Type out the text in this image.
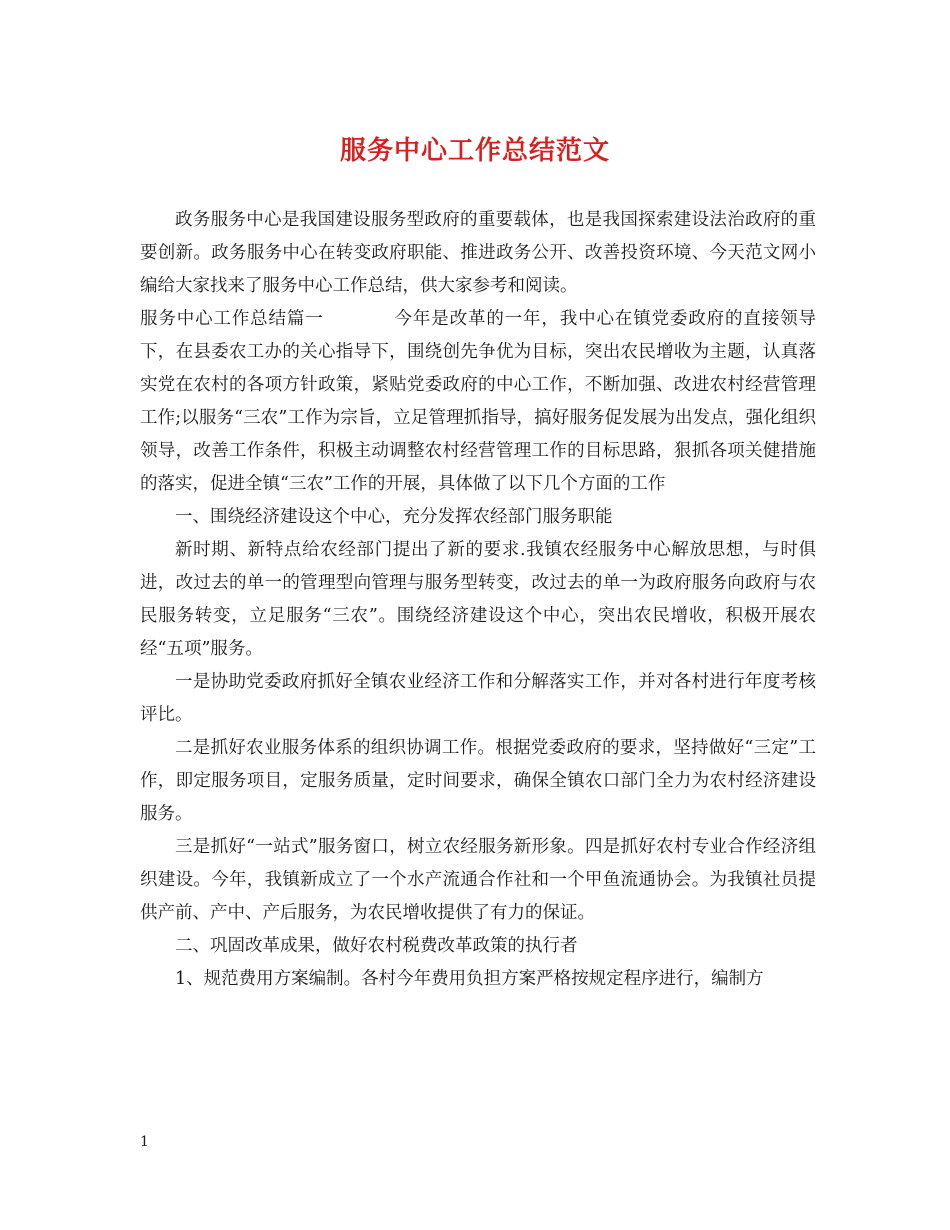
服务中心工作总结范文

政务服务中心是我国建设服务型政府的重要载体，也是我国探索建设法治政府的重要创新。政务服务中心在转变政府职能、推进政务公开、改善投资环境、今天范文网小编给大家找来了服务中心工作总结，供大家参考和阅读。

服务中心工作总结篇一	今年是改革的一年，我中心在镇党委政府的直接领导下，在县委农工办的关心指导下，围绕创先争优为目标，突出农民增收为主题，认真落实党在农村的各项方针政策，紧贴党委政府的中心工作，不断加强、改进农村经营管理工作;以服务“三农”工作为宗旨，立足管理抓指导，搞好服务促发展为出发点，强化组织领导，改善工作条件，积极主动调整农村经营管理工作的目标思路，狠抓各项关健措施的落实，促进全镇“三农”工作的开展，具体做了以下几个方面的工作

一、围绕经济建设这个中心，充分发挥农经部门服务职能

新时期、新特点给农经部门提出了新的要求.我镇农经服务中心解放思想，与时俱进，改过去的单一的管理型向管理与服务型转变，改过去的单一为政府服务向政府与农民服务转变，立足服务“三农”。围绕经济建设这个中心，突出农民增收，积极开展农经“五项”服务。

一是协助党委政府抓好全镇农业经济工作和分解落实工作，并对各村进行年度考核评比。

二是抓好农业服务体系的组织协调工作。根据党委政府的要求，坚持做好“三定”工作，即定服务项目，定服务质量，定时间要求，确保全镇农口部门全力为农村经济建设服务。

三是抓好“一站式”服务窗口，树立农经服务新形象。四是抓好农村专业合作经济组织建设。今年，我镇新成立了一个水产流通合作社和一个甲鱼流通协会。为我镇社员提供产前、产中、产后服务，为农民增收提供了有力的保证。

二、巩固改革成果，做好农村税费改革政策的执行者

1、规范费用方案编制。各村今年费用负担方案严格按规定程序进行，编制方

1
